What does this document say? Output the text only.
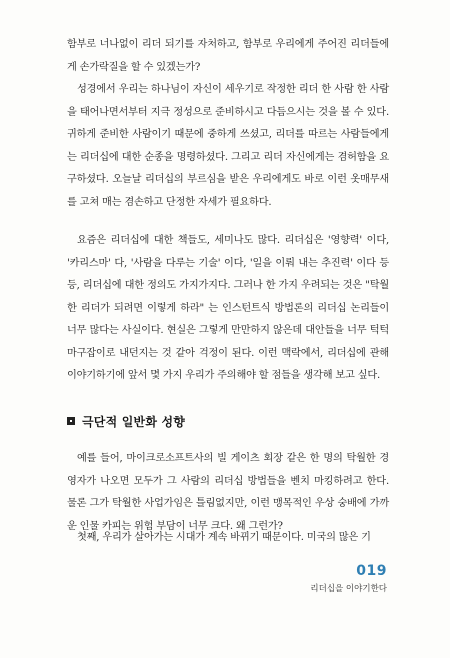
함부로 너나없이 리더 되기를 자처하고, 함부로 우리에게 주어진 리더들에게 손가락질을 할 수 있겠는가?

성경에서 우리는 하나님이 자신이 세우기로 작정한 리더 한 사람 한 사람을 태어나면서부터 지극 정성으로 준비하시고 다듬으시는 것을 볼 수 있다. 귀하게 준비한 사람이기 때문에 중하게 쓰셨고, 리더를 따르는 사람들에게는 리더십에 대한 순종을 명령하셨다. 그리고 리더 자신에게는 겸허함을 요구하셨다. 오늘날 리더십의 부르심을 받은 우리에게도 바로 이런 옷매무새를 고쳐 매는 겸손하고 단정한 자세가 필요하다.

요즘은 리더십에 대한 책들도, 세미나도 많다. 리더십은 '영향력' 이다, '카리스마' 다, '사람을 다루는 기술' 이다, '일을 이뤄 내는 추진력' 이다 등등, 리더십에 대한 정의도 가지가지다. 그러나 한 가지 우려되는 것은 "탁월한 리더가 되려면 이렇게 하라" 는 인스턴트식 방법론의 리더십 논리들이 너무 많다는 사실이다. 현실은 그렇게 만만하지 않은데 대안들을 너무 턱턱 마구잡이로 내던지는 것 같아 걱정이 된다. 이런 맥락에서, 리더십에 관해 이야기하기에 앞서 몇 가지 우리가 주의해야 할 점들을 생각해 보고 싶다.

극단적 일반화 성향

예를 들어, 마이크로소프트사의 빌 게이츠 회장 같은 한 명의 탁월한 경영자가 나오면 모두가 그 사람의 리더십 방법들을 벤치 마킹하려고 한다. 물론 그가 탁월한 사업가임은 틀림없지만, 이런 맹목적인 우상 숭배에 가까운 인물 카피는 위험 부담이 너무 크다. 왜 그런가?

첫째, 우리가 살아가는 시대가 계속 바뀌기 때문이다. 미국의 많은 기

019
리더십을 이야기한다
